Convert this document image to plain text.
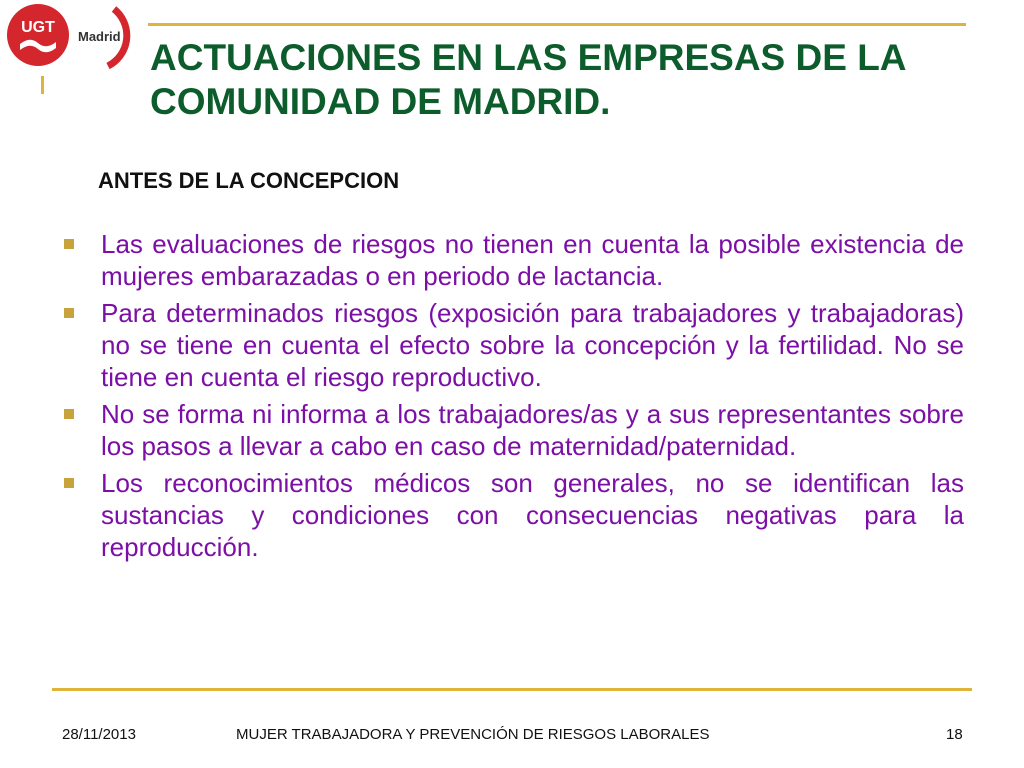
UGT
Madrid
ACTUACIONES EN LAS EMPRESAS DE LA COMUNIDAD DE MADRID.
ANTES DE LA CONCEPCION
Las evaluaciones de riesgos no tienen en cuenta la posible existencia de mujeres embarazadas o en periodo de lactancia.
Para determinados riesgos (exposición para trabajadores y trabajadoras) no se tiene en cuenta el efecto sobre la concepción y la fertilidad. No se tiene en cuenta el riesgo reproductivo.
No se forma ni informa a los trabajadores/as y a sus representantes sobre los pasos a llevar a cabo en caso de maternidad/paternidad.
Los reconocimientos médicos son generales, no se identifican las sustancias y condiciones con consecuencias negativas para la reproducción.
28/11/2013	MUJER TRABAJADORA Y PREVENCIÓN DE RIESGOS LABORALES	18
